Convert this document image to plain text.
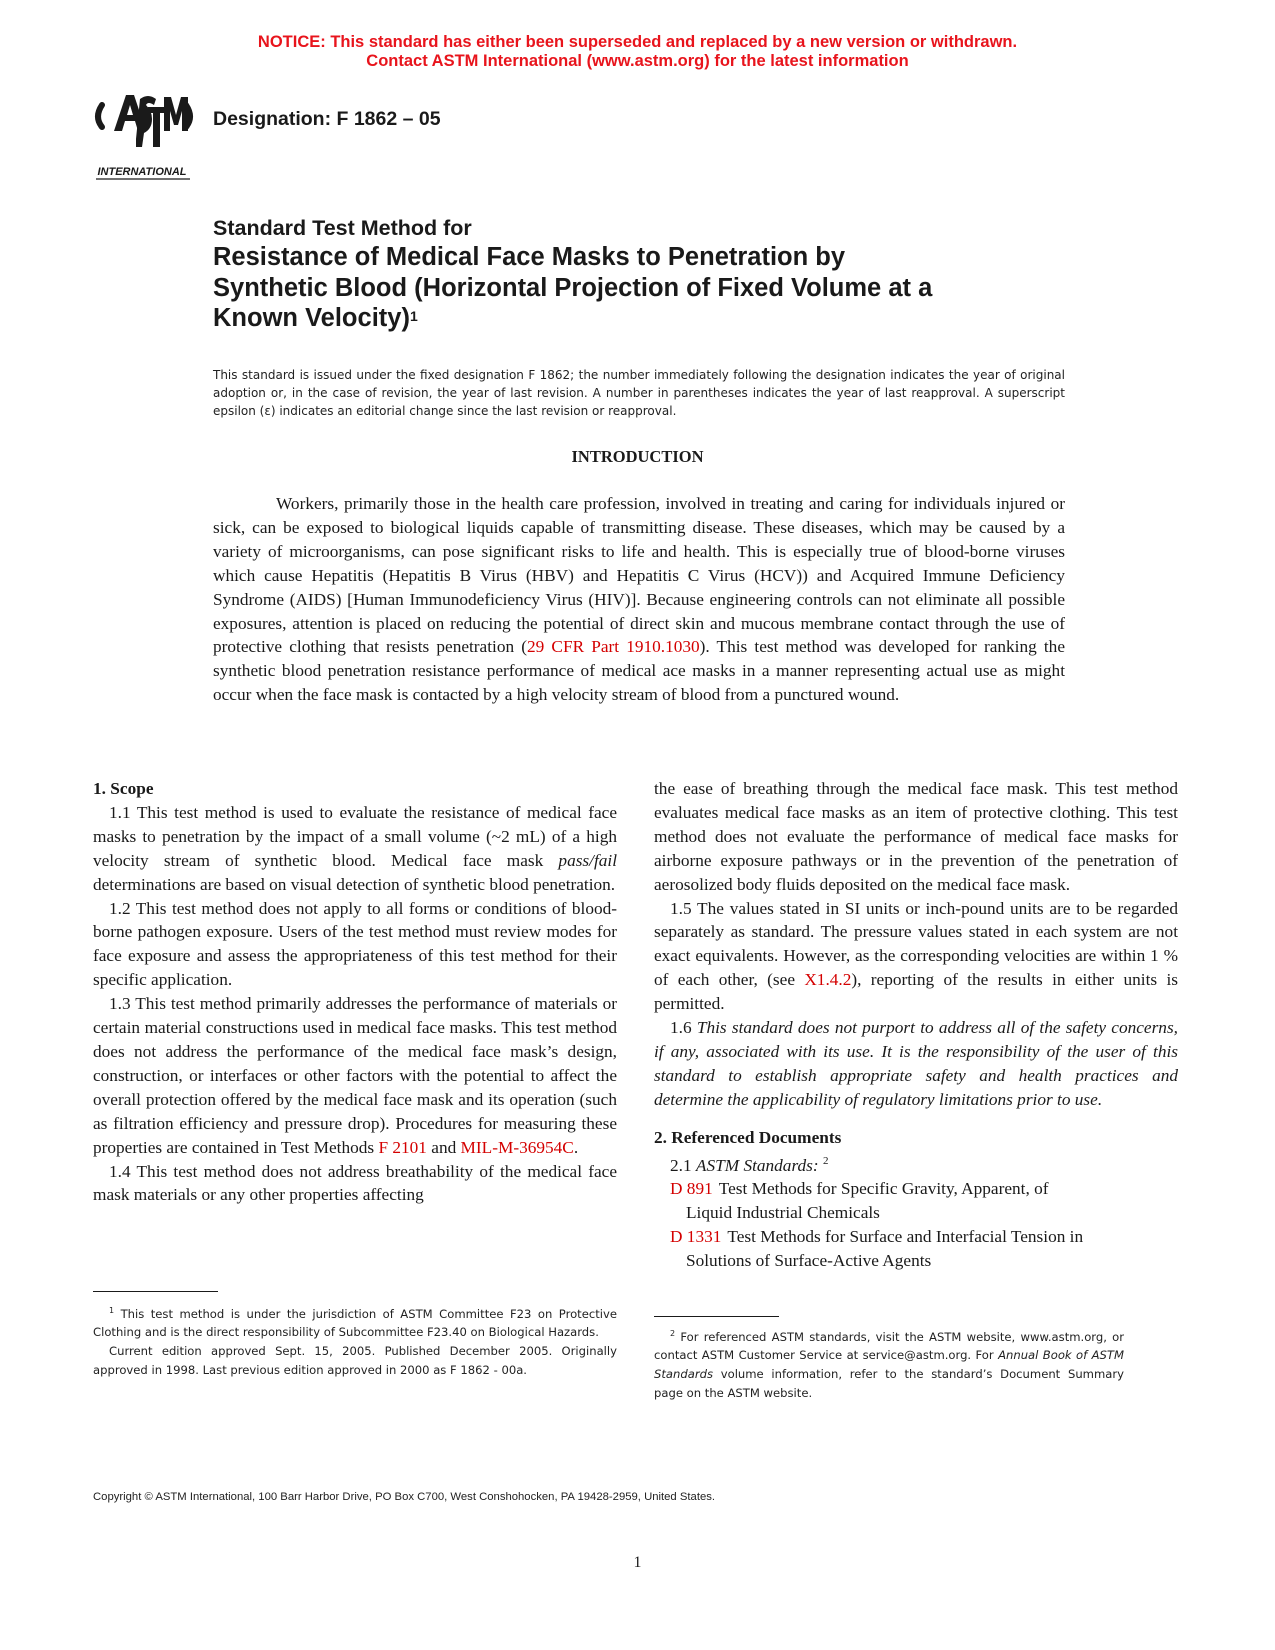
NOTICE: This standard has either been superseded and replaced by a new version or withdrawn.
Contact ASTM International (www.astm.org) for the latest information
INTERNATIONAL
Designation: F 1862 – 05
Standard Test Method for
Resistance of Medical Face Masks to Penetration by
Synthetic Blood (Horizontal Projection of Fixed Volume at a
Known Velocity)$^1$
This standard is issued under the fixed designation F 1862; the number immediately following the designation indicates the year of original adoption or, in the case of revision, the year of last revision. A number in parentheses indicates the year of last reapproval. A superscript epsilon (ε) indicates an editorial change since the last revision or reapproval.
INTRODUCTION

Workers, primarily those in the health care profession, involved in treating and caring for individuals injured or sick, can be exposed to biological liquids capable of transmitting disease. These diseases, which may be caused by a variety of microorganisms, can pose significant risks to life and health. This is especially true of blood-borne viruses which cause Hepatitis (Hepatitis B Virus (HBV) and Hepatitis C Virus (HCV)) and Acquired Immune Deficiency Syndrome (AIDS) [Human Immunodeficiency Virus (HIV)]. Because engineering controls can not eliminate all possible exposures, attention is placed on reducing the potential of direct skin and mucous membrane contact through the use of protective clothing that resists penetration (29 CFR Part 1910.1030). This test method was developed for ranking the synthetic blood penetration resistance performance of medical ace masks in a manner representing actual use as might occur when the face mask is contacted by a high velocity stream of blood from a punctured wound.

1. Scope

1.1 This test method is used to evaluate the resistance of medical face masks to penetration by the impact of a small volume (~2 mL) of a high velocity stream of synthetic blood. Medical face mask pass/fail determinations are based on visual detection of synthetic blood penetration.

1.2 This test method does not apply to all forms or conditions of blood-borne pathogen exposure. Users of the test method must review modes for face exposure and assess the appropriateness of this test method for their specific application.

1.3 This test method primarily addresses the performance of materials or certain material constructions used in medical face masks. This test method does not address the performance of the medical face mask’s design, construction, or interfaces or other factors with the potential to affect the overall protection offered by the medical face mask and its operation (such as filtration efficiency and pressure drop). Procedures for measuring these properties are contained in Test Methods F 2101 and MIL-M-36954C.

1.4 This test method does not address breathability of the medical face mask materials or any other properties affecting

the ease of breathing through the medical face mask. This test method evaluates medical face masks as an item of protective clothing. This test method does not evaluate the performance of medical face masks for airborne exposure pathways or in the prevention of the penetration of aerosolized body fluids deposited on the medical face mask.

1.5 The values stated in SI units or inch-pound units are to be regarded separately as standard. The pressure values stated in each system are not exact equivalents. However, as the corresponding velocities are within 1 % of each other, (see X1.4.2), reporting of the results in either units is permitted.

1.6 This standard does not purport to address all of the safety concerns, if any, associated with its use. It is the responsibility of the user of this standard to establish appropriate safety and health practices and determine the applicability of regulatory limitations prior to use.

2. Referenced Documents

2.1 ASTM Standards: $^2$

D 891 Test Methods for Specific Gravity, Apparent, of
Liquid Industrial Chemicals

D 1331 Test Methods for Surface and Interfacial Tension in
Solutions of Surface-Active Agents

$^1$ This test method is under the jurisdiction of ASTM Committee F23 on Protective Clothing and is the direct responsibility of Subcommittee F23.40 on Biological Hazards.

Current edition approved Sept. 15, 2005. Published December 2005. Originally approved in 1998. Last previous edition approved in 2000 as F 1862 - 00a.

$^2$ For referenced ASTM standards, visit the ASTM website, www.astm.org, or contact ASTM Customer Service at service@astm.org. For Annual Book of ASTM Standards volume information, refer to the standard’s Document Summary page on the ASTM website.

Copyright © ASTM International, 100 Barr Harbor Drive, PO Box C700, West Conshohocken, PA 19428-2959, United States.
1
